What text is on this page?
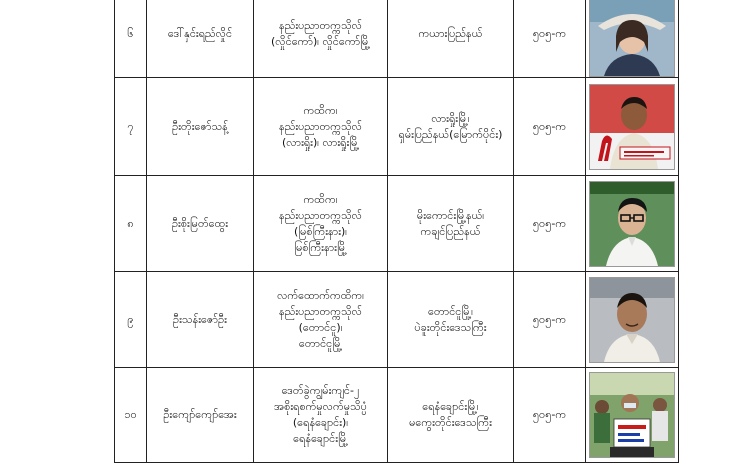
၆	ဒေါ်နှင်းရည်လှိုင်	နည်းပညာတက္ကသိုလ်
(လှိုင်ကော်)၊ လှိုင်ကော်မြို့	ကယားပြည်နယ်	၅၀၅-က	

၇	ဦးတိုးဇော်သန့်	ကထိက၊
နည်းပညာတက္ကသိုလ်
(လားရှိုး)၊ လားရှိုးမြို့	လားရှိုးမြို့၊
ရှမ်းပြည်နယ်(မြောက်ပိုင်း)	၅၀၅-က	

၈	ဦးစိုးမြတ်ထွေး	ကထိက၊
နည်းပညာတက္ကသိုလ်
(မြစ်ကြီးနား)၊
မြစ်ကြီးနားမြို့	မိုးကောင်းမြို့နယ်၊
ကချင်ပြည်နယ်	၅၀၅-က	

၉	ဦးသန်းဇော်ဦး	လက်ထောက်ကထိက၊
နည်းပညာတက္ကသိုလ်
(တောင်ငူ)၊
တောင်ငူမြို့	တောင်ငူမြို့၊
ပဲခူးတိုင်းဒေသကြီး	၅၀၅-က	

၁၀	ဦးကျော်ကျော်အေး	ဒေတ်ခွဲကျွမ်းကျင်-၂
အစိုးရစက်မှုလက်မှုသိပ္ပံ
(ရေနံချောင်း)၊
ရေနံချောင်းမြို့	ရေနံချောင်းမြို့၊
မကွေးတိုင်းဒေသကြီး	၅၀၅-က	
